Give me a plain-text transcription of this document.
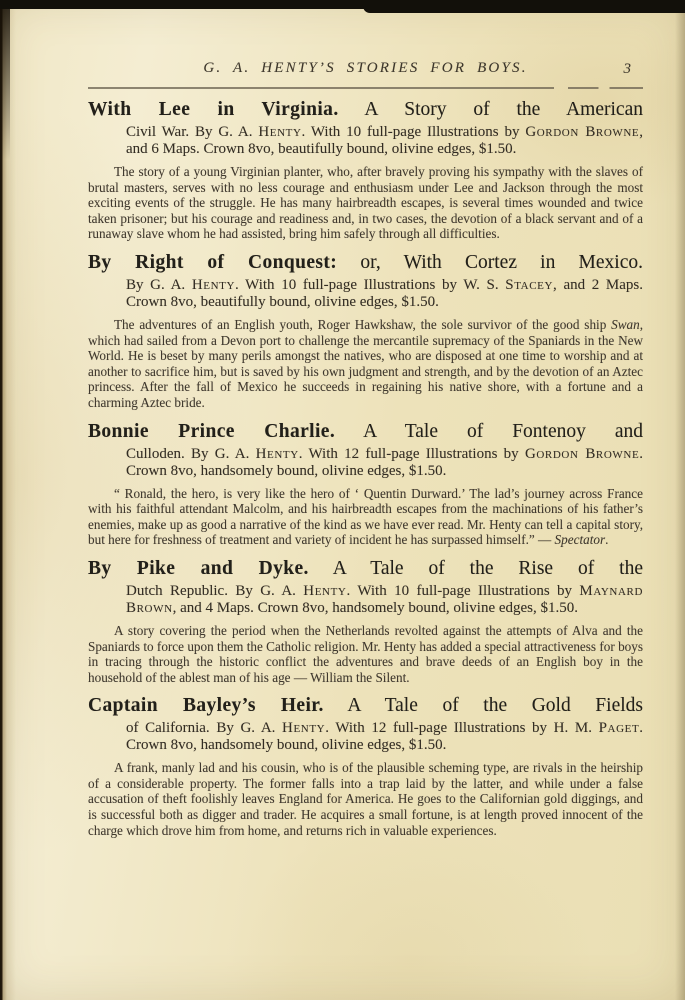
G. A. HENTY’S STORIES FOR BOYS.	3
With Lee in Virginia. A Story of the American
Civil War. By G. A. Henty. With 10 full-page Illustrations by Gordon Browne, and 6 Maps. Crown 8vo, beautifully bound, olivine edges, $1.50.

The story of a young Virginian planter, who, after bravely proving his sympathy with the slaves of brutal masters, serves with no less courage and enthusiasm under Lee and Jackson through the most exciting events of the struggle. He has many hairbreadth escapes, is several times wounded and twice taken prisoner; but his courage and readiness and, in two cases, the devotion of a black servant and of a runaway slave whom he had assisted, bring him safely through all difficulties.

By Right of Conquest: or, With Cortez in Mexico.
By G. A. Henty. With 10 full-page Illustrations by W. S. Stacey, and 2 Maps. Crown 8vo, beautifully bound, olivine edges, $1.50.

The adventures of an English youth, Roger Hawkshaw, the sole survivor of the good ship Swan, which had sailed from a Devon port to challenge the mercantile supremacy of the Spaniards in the New World. He is beset by many perils amongst the natives, who are disposed at one time to worship and at another to sacrifice him, but is saved by his own judgment and strength, and by the devotion of an Aztec princess. After the fall of Mexico he succeeds in regaining his native shore, with a fortune and a charming Aztec bride.

Bonnie Prince Charlie. A Tale of Fontenoy and
Culloden. By G. A. Henty. With 12 full-page Illustrations by Gordon Browne. Crown 8vo, handsomely bound, olivine edges, $1.50.

“ Ronald, the hero, is very like the hero of ‘ Quentin Durward.’ The lad’s journey across France with his faithful attendant Malcolm, and his hairbreadth escapes from the machinations of his father’s enemies, make up as good a narrative of the kind as we have ever read. Mr. Henty can tell a capital story, but here for freshness of treatment and variety of incident he has surpassed himself.” — Spectator.

By Pike and Dyke. A Tale of the Rise of the
Dutch Republic. By G. A. Henty. With 10 full-page Illustrations by Maynard Brown, and 4 Maps. Crown 8vo, handsomely bound, olivine edges, $1.50.

A story covering the period when the Netherlands revolted against the attempts of Alva and the Spaniards to force upon them the Catholic religion. Mr. Henty has added a special attractiveness for boys in tracing through the historic conflict the adventures and brave deeds of an English boy in the household of the ablest man of his age — William the Silent.

Captain Bayley’s Heir. A Tale of the Gold Fields
of California. By G. A. Henty. With 12 full-page Illustrations by H. M. Paget. Crown 8vo, handsomely bound, olivine edges, $1.50.

A frank, manly lad and his cousin, who is of the plausible scheming type, are rivals in the heirship of a considerable property. The former falls into a trap laid by the latter, and while under a false accusation of theft foolishly leaves England for America. He goes to the Californian gold diggings, and is successful both as digger and trader. He acquires a small fortune, is at length proved innocent of the charge which drove him from home, and returns rich in valuable experiences.
